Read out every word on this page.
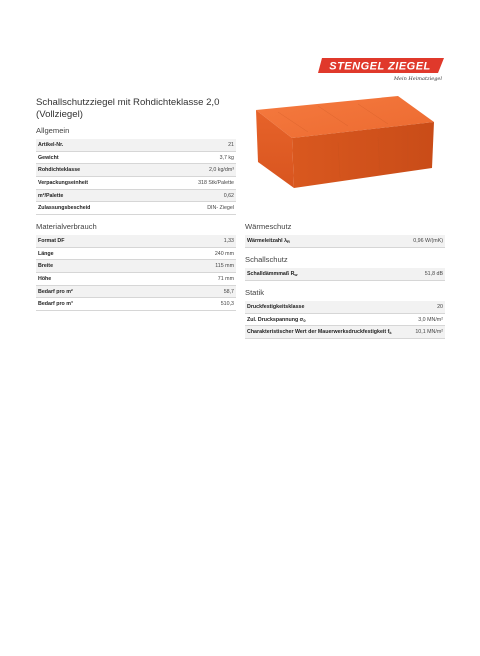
STENGEL ZIEGEL
Mein Heimatziegel
Schallschutzziegel mit Rohdichteklasse 2,0 (Vollziegel)
Allgemein
Artikel-Nr.	21
Gewicht	3,7 kg
Rohdichteklasse	2,0 kg/dm³
Verpackungseinheit	318 Stk/Palette
m²/Palette	0,62
Zulassungsbescheid	DIN- Ziegel
Materialverbrauch
Format DF	1,33
Länge	240 mm
Breite	115 mm
Höhe	71 mm
Bedarf pro m²	58,7
Bedarf pro m³	510,3
Wärmeschutz
Wärmeleitzahl $\lambda_R$	0,96 W/(mK)
Schallschutz
Schalldämmmaß $R_w$	51,8 dB
Statik
Druckfestigkeitsklasse	20
Zul. Druckspannung $\sigma_0$	3,0 MN/m²
Charakteristischer Wert der Mauerwerksdruckfestigkeit $f_k$	10,1 MN/m²
